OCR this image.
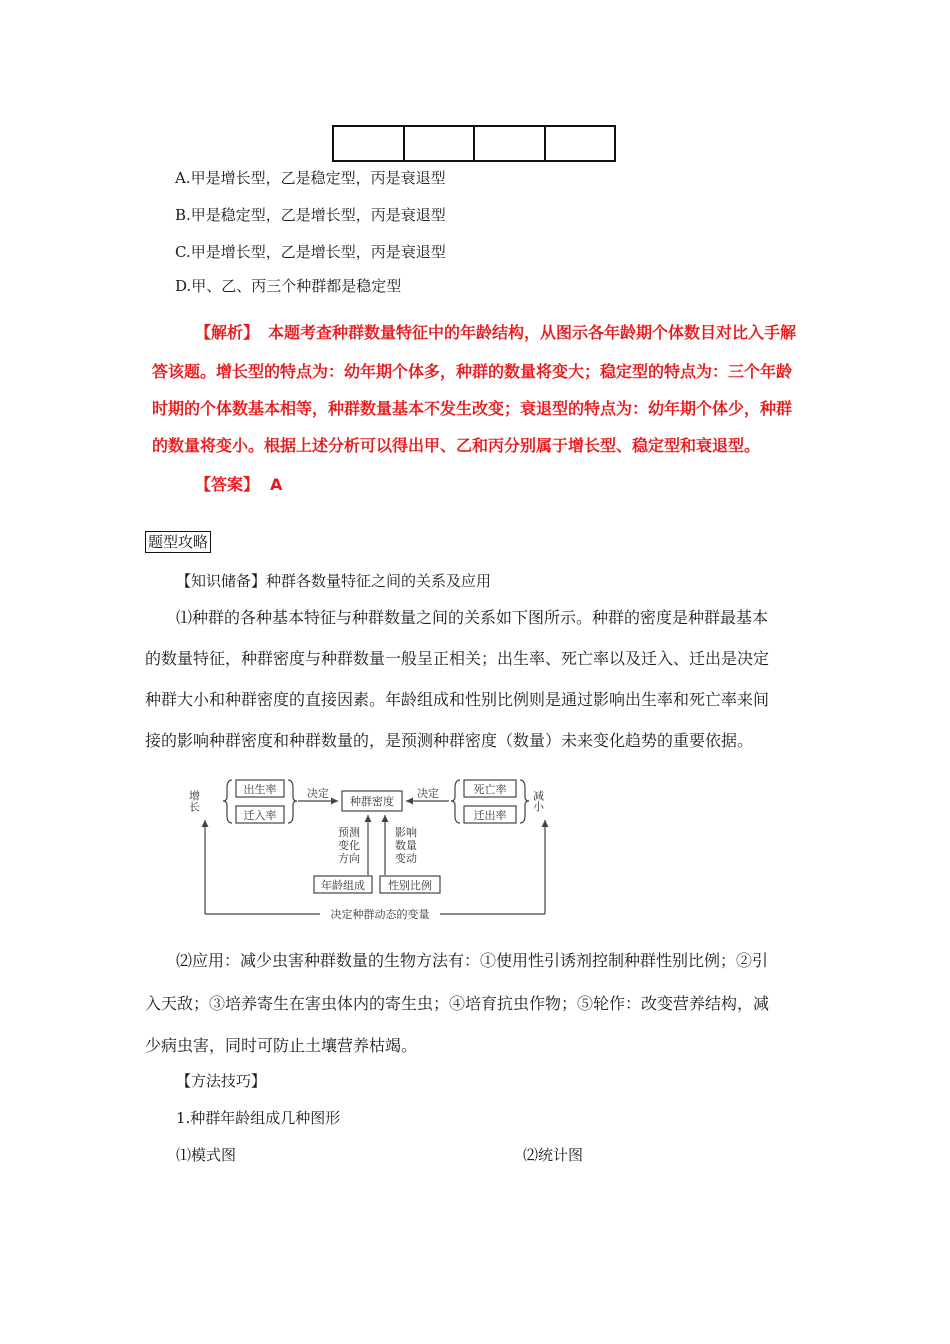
A.甲是增长型，乙是稳定型，丙是衰退型
B.甲是稳定型，乙是增长型，丙是衰退型
C.甲是增长型，乙是增长型，丙是衰退型
D.甲、乙、丙三个种群都是稳定型
【解析】 本题考查种群数量特征中的年龄结构，从图示各年龄期个体数目对比入手解
答该题。增长型的特点为：幼年期个体多，种群的数量将变大；稳定型的特点为：三个年龄
时期的个体数基本相等，种群数量基本不发生改变；衰退型的特点为：幼年期个体少，种群
的数量将变小。根据上述分析可以得出甲、乙和丙分别属于增长型、稳定型和衰退型。
【答案】 A
题型攻略
【知识储备】种群各数量特征之间的关系及应用
⑴种群的各种基本特征与种群数量之间的关系如下图所示。种群的密度是种群最基本
的数量特征，种群密度与种群数量一般呈正相关；出生率、死亡率以及迁入、迁出是决定
种群大小和种群密度的直接因素。年龄组成和性别比例则是通过影响出生率和死亡率来间
接的影响种群密度和种群数量的，是预测种群密度（数量）未来变化趋势的重要依据。
增长	减小
出生率
迁入率
死亡率
迁出率
种群密度
决定	决定
预测
变化
方向
影响
数量
变动
年龄组成 性别比例
决定种群动态的变量
⑵应用：减少虫害种群数量的生物方法有：①使用性引诱剂控制种群性别比例；②引
入天敌；③培养寄生在害虫体内的寄生虫；④培育抗虫作物；⑤轮作：改变营养结构，减
少病虫害，同时可防止土壤营养枯竭。
【方法技巧】
1.种群年龄组成几种图形
⑴模式图	⑵统计图
